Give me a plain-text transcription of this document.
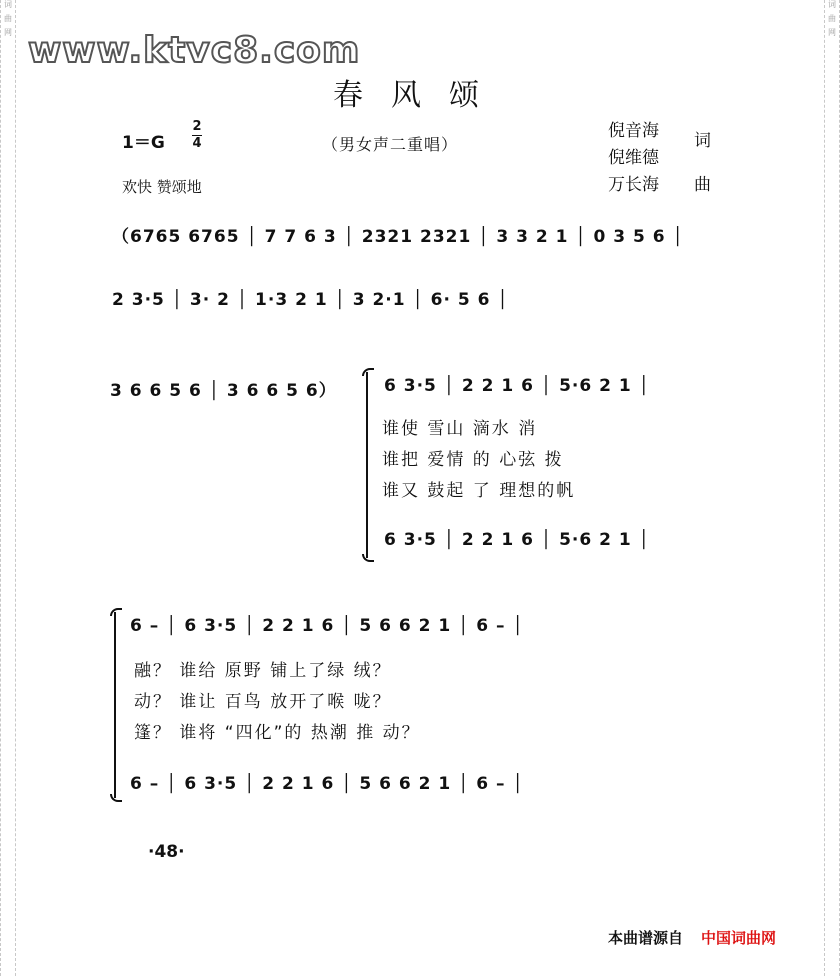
词
曲
网
词
曲
网
www.ktvc8.com
春风颂
1＝G
2
4	（男女声二重唱）
欢快 赞颂地
倪音海
倪维德
词
万长海 曲
（6765 6765 │ 7 7 6 3 │ 2321 2321 │ 3 3 2 1 │ 0 3 5 6 │
2 3·5 │ 3· 2 │ 1·3 2 1 │ 3 2·1 │ 6· 5 6 │
3 6 6 5 6 │ 3 6 6 5 6）	6 3·5 │ 2 2 1 6 │ 5·6 2 1 │
谁使 雪山 滴水 消
谁把 爱情 的 心弦 拨
谁又 鼓起 了 理想的帆
6 3·5 │ 2 2 1 6 │ 5·6 2 1 │
6 – │ 6 3·5 │ 2 2 1 6 │ 5 6 6 2 1 │ 6 – │
融？ 谁给 原野 铺上了绿 绒？
动？ 谁让 百鸟 放开了喉 咙？
篷？ 谁将 “四化”的 热潮 推 动？
6 – │ 6 3·5 │ 2 2 1 6 │ 5 6 6 2 1 │ 6 – │
·48·
本曲谱源自 中国词曲网
